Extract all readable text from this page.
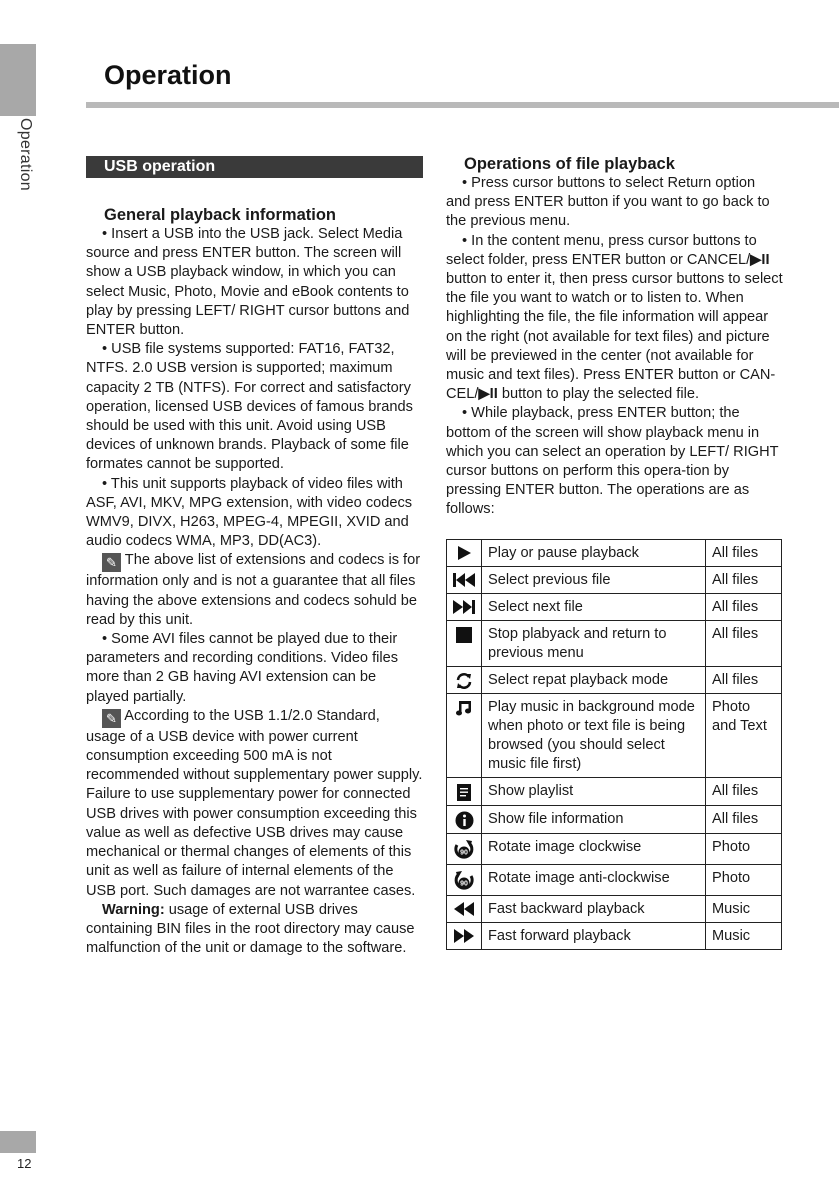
Operation
Operation
USB operation

General playback information

• Insert a USB into the USB jack. Select Media source and press ENTER button. The screen will show a USB playback window, in which you can select Music, Photo, Movie and eBook contents to play by pressing LEFT/ RIGHT cursor buttons and ENTER button.

• USB file systems supported: FAT16, FAT32, NTFS. 2.0 USB version is supported; maximum capacity 2 TB (NTFS). For correct and satisfactory operation, licensed USB devices of famous brands should be used with this unit. Avoid using USB devices of unknown brands. Playback of some file formates cannot be supported.

• This unit supports playback of video files with ASF, AVI, MKV, MPG extension, with video codecs WMV9, DIVX, H263, MPEG-4, MPEGII, XVID and audio codecs WMA, MP3, DD(AC3).

✎ The above list of extensions and codecs is for information only and is not a guarantee that all files having the above extensions and codecs sohuld be read by this unit.

• Some AVI files cannot be played due to their parameters and recording conditions. Video files more than 2 GB having AVI extension can be played partially.

✎ According to the USB 1.1/2.0 Standard, usage of a USB device with power current consumption exceeding 500 mA is not recommended without supplementary power supply. Failure to use supplementary power for connected USB drives with power consumption exceeding this value as well as defective USB drives may cause mechanical or thermal changes of elements of this unit as well as failure of internal elements of the USB port. Such damages are not warrantee cases.

Warning: usage of external USB drives containing BIN files in the root directory may cause malfunction of the unit or damage to the software.

Operations of file playback

• Press cursor buttons to select Return option and press ENTER button if you want to go back to the previous menu.

• In the content menu, press cursor buttons to select folder, press ENTER button or CANCEL/▶II button to enter it, then press cursor buttons to select the file you want to watch or to listen to. When highlighting the file, the file information will appear on the right (not available for text files) and picture will be previewed in the center (not available for music and text files). Press ENTER button or CAN-CEL/▶II button to play the selected file.

• While playback, press ENTER button; the bottom of the screen will show playback menu in which you can select an operation by LEFT/ RIGHT cursor buttons on perform this opera-tion by pressing ENTER button. The operations are as follows:

	Play or pause playback	All files

	Select previous file	All files

	Select next file	All files

	Stop plabyack and return to previous menu	All files

	Select repat playback mode	All files

	Play music in background mode when photo or text file is being browsed (you should select music file first)	Photo and Text

	Show playlist	All files

	Show file information	All files

90	Rotate image clockwise	Photo

90	Rotate image anti-clockwise	Photo

	Fast backward playback	Music

	Fast forward playback	Music
12
